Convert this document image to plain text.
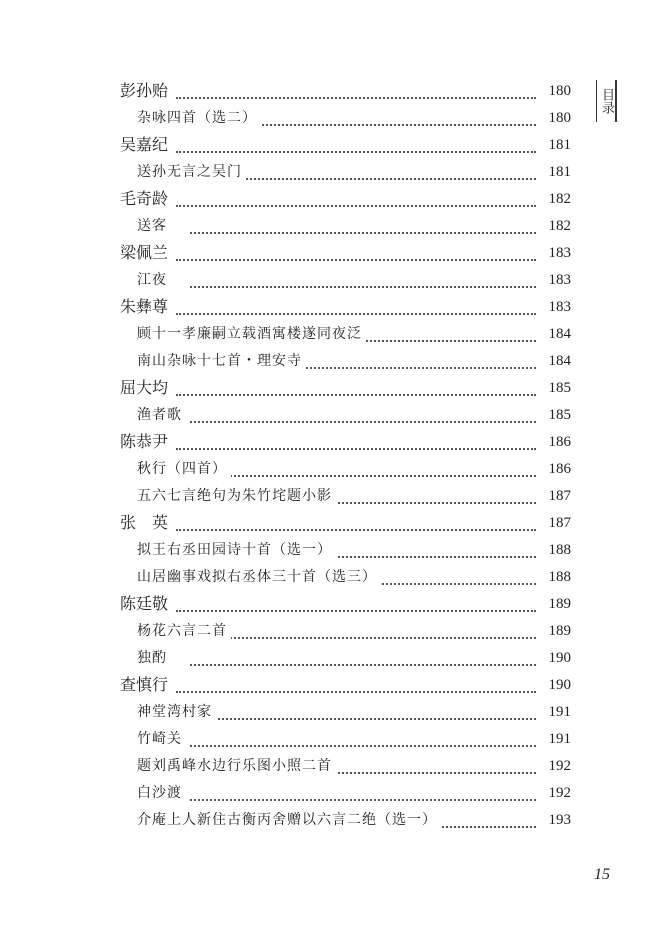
目录
彭孙贻	180
杂咏四首（选二）	180
吴嘉纪	181
送孙无言之吴门	181
毛奇龄	182
送客	182
梁佩兰	183
江夜	183
朱彝尊	183
顾十一孝廉嗣立载酒寓楼遂同夜泛	184
南山杂咏十七首・理安寺	184
屈大均	185
渔者歌	185
陈恭尹	186
秋行（四首）	186
五六七言绝句为朱竹垞题小影	187
张　英	187
拟王右丞田园诗十首（选一）	188
山居幽事戏拟右丞体三十首（选三）	188
陈廷敬	189
杨花六言二首	189
独酌	190
查慎行	190
神堂湾村家	191
竹崎关	191
题刘禹峰水边行乐图小照二首	192
白沙渡	192
介庵上人新住古衡丙舍赠以六言二绝（选一）	193
15
